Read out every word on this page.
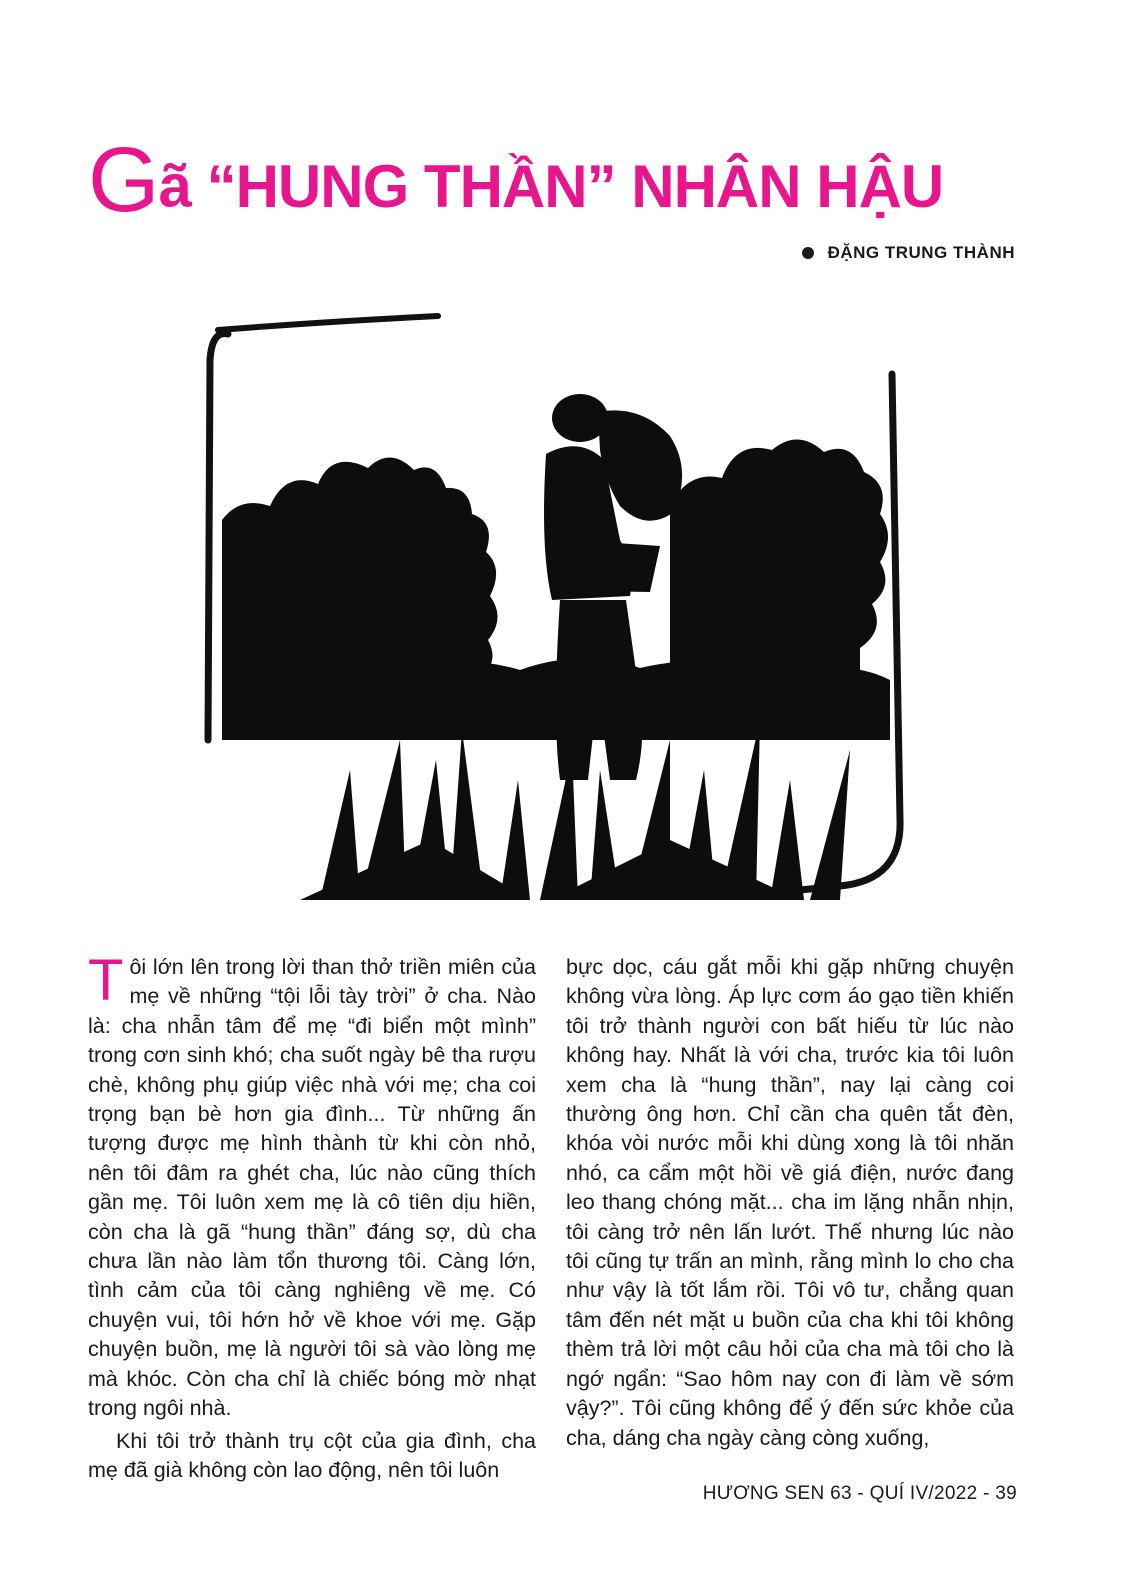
Gã “HUNG THẦN” NHÂN HẬU
ĐẶNG TRUNG THÀNH

Tôi lớn lên trong lời than thở triền miên của mẹ về những “tội lỗi tày trời” ở cha. Nào là: cha nhẫn tâm để mẹ “đi biển một mình” trong cơn sinh khó; cha suốt ngày bê tha rượu chè, không phụ giúp việc nhà với mẹ; cha coi trọng bạn bè hơn gia đình... Từ những ấn tượng được mẹ hình thành từ khi còn nhỏ, nên tôi đâm ra ghét cha, lúc nào cũng thích gần mẹ. Tôi luôn xem mẹ là cô tiên dịu hiền, còn cha là gã “hung thần” đáng sợ, dù cha chưa lần nào làm tổn thương tôi. Càng lớn, tình cảm của tôi càng nghiêng về mẹ. Có chuyện vui, tôi hớn hở về khoe với mẹ. Gặp chuyện buồn, mẹ là người tôi sà vào lòng mẹ mà khóc. Còn cha chỉ là chiếc bóng mờ nhạt trong ngôi nhà.

Khi tôi trở thành trụ cột của gia đình, cha mẹ đã già không còn lao động, nên tôi luôn

bực dọc, cáu gắt mỗi khi gặp những chuyện không vừa lòng. Áp lực cơm áo gạo tiền khiến tôi trở thành người con bất hiếu từ lúc nào không hay. Nhất là với cha, trước kia tôi luôn xem cha là “hung thần”, nay lại càng coi thường ông hơn. Chỉ cần cha quên tắt đèn, khóa vòi nước mỗi khi dùng xong là tôi nhăn nhó, ca cẩm một hồi về giá điện, nước đang leo thang chóng mặt... cha im lặng nhẫn nhịn, tôi càng trở nên lấn lướt. Thế nhưng lúc nào tôi cũng tự trấn an mình, rằng mình lo cho cha như vậy là tốt lắm rồi. Tôi vô tư, chẳng quan tâm đến nét mặt u buồn của cha khi tôi không thèm trả lời một câu hỏi của cha mà tôi cho là ngớ ngẩn: “Sao hôm nay con đi làm về sớm vậy?”. Tôi cũng không để ý đến sức khỏe của cha, dáng cha ngày càng còng xuống,

HƯƠNG SEN 63 - QUÍ IV/2022 - 39
